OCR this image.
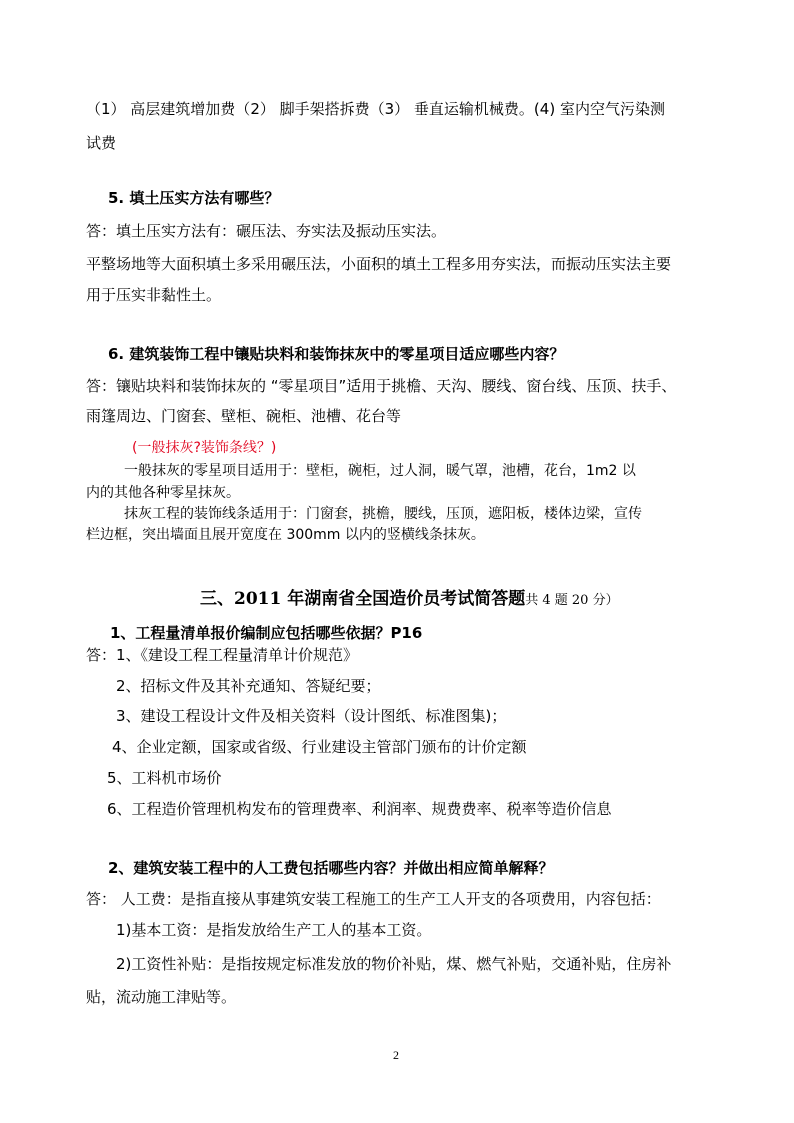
（1） 高层建筑增加费（2） 脚手架搭拆费（3） 垂直运输机械费。(4) 室内空气污染测
试费
5. 填土压实方法有哪些？
答：填土压实方法有：碾压法、夯实法及振动压实法。
平整场地等大面积填土多采用碾压法，小面积的填土工程多用夯实法，而振动压实法主要
用于压实非黏性土。
6. 建筑装饰工程中镶贴块料和装饰抹灰中的零星项目适应哪些内容？
答：镶贴块料和装饰抹灰的 “零星项目”适用于挑檐、天沟、腰线、窗台线、压顶、扶手、
雨篷周边、门窗套、壁柜、碗柜、池槽、花台等
(一般抹灰?装饰条线？)
一般抹灰的零星项目适用于：壁柜，碗柜，过人洞，暖气罩，池槽，花台，1m2 以
内的其他各种零星抹灰。
抹灰工程的装饰线条适用于：门窗套，挑檐，腰线，压顶，遮阳板，楼体边梁，宣传
栏边框，突出墙面且展开宽度在 300mm 以内的竖横线条抹灰。
三、2011 年湖南省全国造价员考试简答题共 4 题 20 分）
1、工程量清单报价编制应包括哪些依据？P16
答：1、《建设工程工程量清单计价规范》
2、招标文件及其补充通知、答疑纪要；
3、建设工程设计文件及相关资料（设计图纸、标准图集)；
4、企业定额，国家或省级、行业建设主管部门颁布的计价定额
5、工料机市场价
6、工程造价管理机构发布的管理费率、利润率、规费费率、税率等造价信息
2、建筑安装工程中的人工费包括哪些内容？并做出相应简单解释？
答： 人工费：是指直接从事建筑安装工程施工的生产工人开支的各项费用，内容包括：
1)基本工资：是指发放给生产工人的基本工资。
2)工资性补贴：是指按规定标准发放的物价补贴，煤、燃气补贴，交通补贴，住房补
贴，流动施工津贴等。
2
